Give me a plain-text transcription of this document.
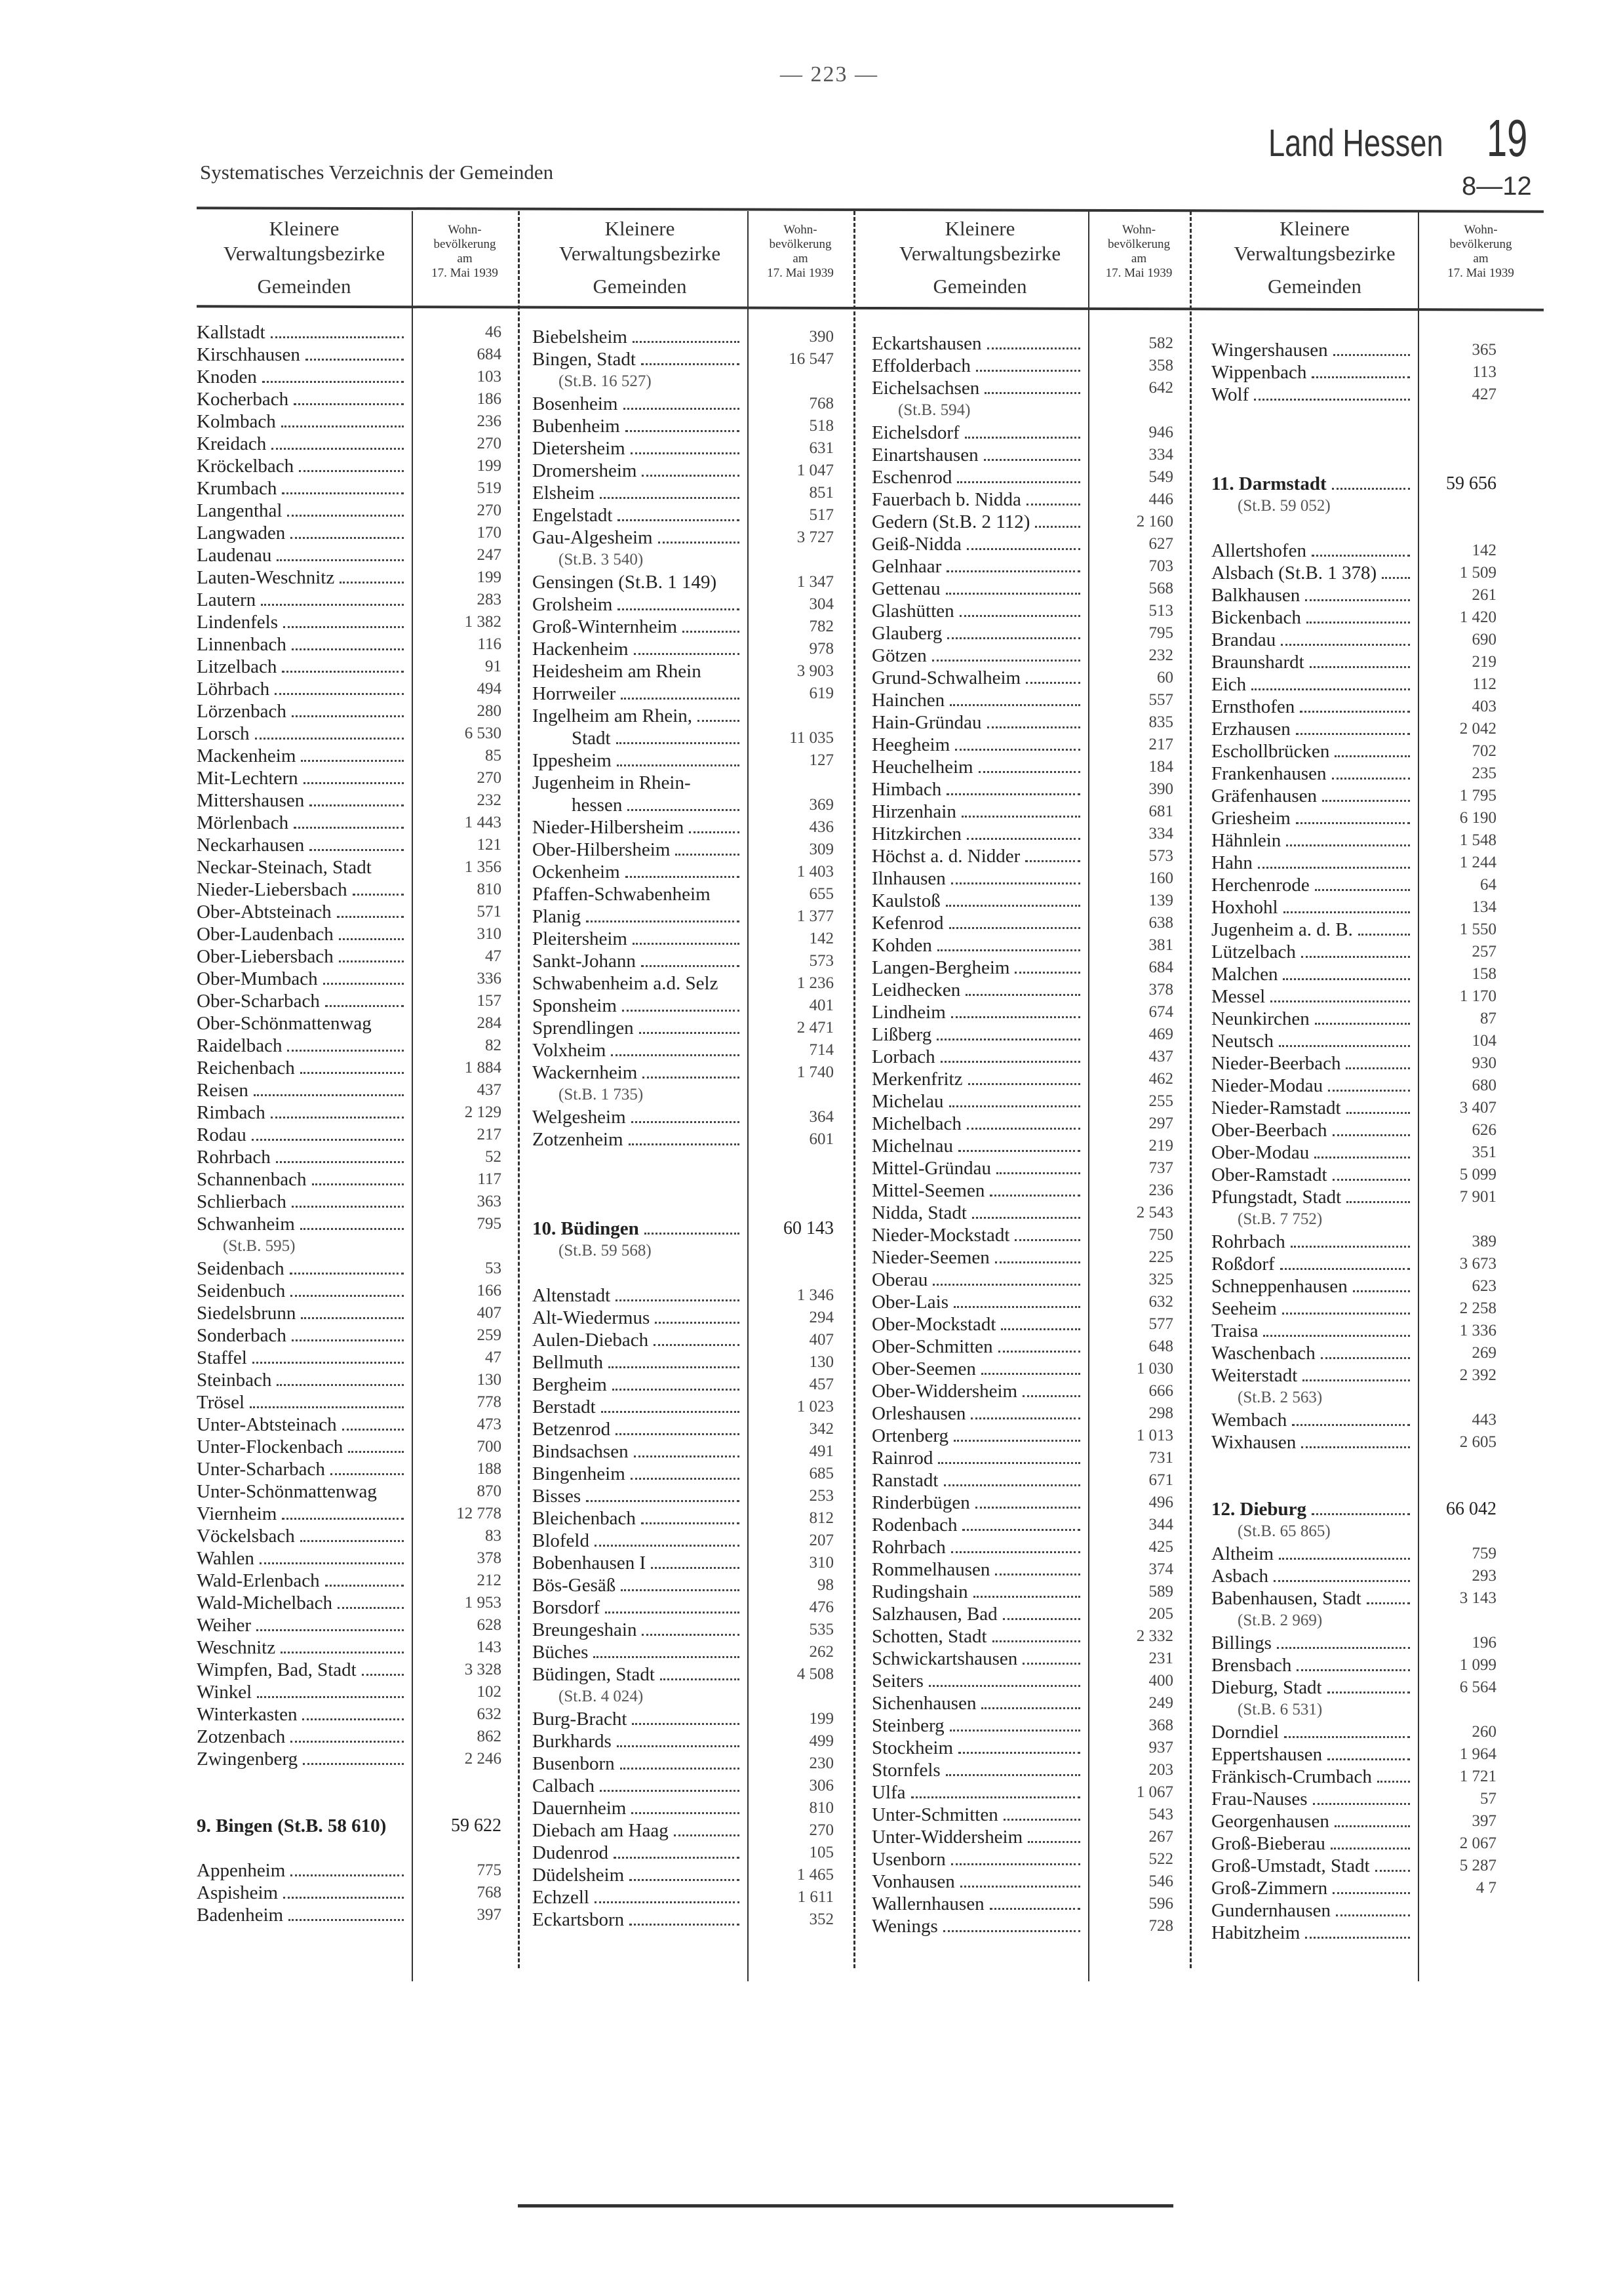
— 223 —
Systematisches Verzeichnis der Gemeinden
Land Hessen 19
8—12
Kleinere
Verwaltungsbezirke
Gemeinden
Wohn-
bevölkerung
am
17. Mai 1939
Kleinere
Verwaltungsbezirke
Gemeinden
Wohn-
bevölkerung
am
17. Mai 1939
Kleinere
Verwaltungsbezirke
Gemeinden
Wohn-
bevölkerung
am
17. Mai 1939
Kleinere
Verwaltungsbezirke
Gemeinden
Wohn-
bevölkerung
am
17. Mai 1939
Kallstadt	46
Kirschhausen	684
Knoden	103
Kocherbach	186
Kolmbach	236
Kreidach	270
Kröckelbach	199
Krumbach	519
Langenthal	270
Langwaden	170
Laudenau	247
Lauten-Weschnitz	199
Lautern	283
Lindenfels	1 382
Linnenbach	116
Litzelbach	91
Löhrbach	494
Lörzenbach	280
Lorsch	6 530
Mackenheim	85
Mit-Lechtern	270
Mittershausen	232
Mörlenbach	1 443
Neckarhausen	121
Neckar-Steinach, Stadt	1 356
Nieder-Liebersbach	810
Ober-Abtsteinach	571
Ober-Laudenbach	310
Ober-Liebersbach	47
Ober-Mumbach	336
Ober-Scharbach	157
Ober-Schönmattenwag	284
Raidelbach	82
Reichenbach	1 884
Reisen	437
Rimbach	2 129
Rodau	217
Rohrbach	52
Schannenbach	117
Schlierbach	363
Schwanheim	795
(St.B. 595)
Seidenbach	53
Seidenbuch	166
Siedelsbrunn	407
Sonderbach	259
Staffel	47
Steinbach	130
Trösel	778
Unter-Abtsteinach	473
Unter-Flockenbach	700
Unter-Scharbach	188
Unter-Schönmattenwag	870
Viernheim	12 778
Vöckelsbach	83
Wahlen	378
Wald-Erlenbach	212
Wald-Michelbach	1 953
Weiher	628
Weschnitz	143
Wimpfen, Bad, Stadt	3 328
Winkel	102
Winterkasten	632
Zotzenbach	862
Zwingenberg	2 246
9. Bingen (St.B. 58 610)	59 622
Appenheim	775
Aspisheim	768
Badenheim	397
Biebelsheim	390
Bingen, Stadt	16 547
(St.B. 16 527)
Bosenheim	768
Bubenheim	518
Dietersheim	631
Dromersheim	1 047
Elsheim	851
Engelstadt	517
Gau-Algesheim	3 727
(St.B. 3 540)
Gensingen (St.B. 1 149)	1 347
Grolsheim	304
Groß-Winternheim	782
Hackenheim	978
Heidesheim am Rhein	3 903
Horrweiler	619
Ingelheim am Rhein,
Stadt	11 035
Ippesheim	127
Jugenheim in Rhein-
hessen	369
Nieder-Hilbersheim	436
Ober-Hilbersheim	309
Ockenheim	1 403
Pfaffen-Schwabenheim	655
Planig	1 377
Pleitersheim	142
Sankt-Johann	573
Schwabenheim a.d. Selz	1 236
Sponsheim	401
Sprendlingen	2 471
Volxheim	714
Wackernheim	1 740
(St.B. 1 735)
Welgesheim	364
Zotzenheim	601
10. Büdingen	60 143
(St.B. 59 568)
Altenstadt	1 346
Alt-Wiedermus	294
Aulen-Diebach	407
Bellmuth	130
Bergheim	457
Berstadt	1 023
Betzenrod	342
Bindsachsen	491
Bingenheim	685
Bisses	253
Bleichenbach	812
Blofeld	207
Bobenhausen I	310
Bös-Gesäß	98
Borsdorf	476
Breungeshain	535
Büches	262
Büdingen, Stadt	4 508
(St.B. 4 024)
Burg-Bracht	199
Burkhards	499
Busenborn	230
Calbach	306
Dauernheim	810
Diebach am Haag	270
Dudenrod	105
Düdelsheim	1 465
Echzell	1 611
Eckartsborn	352
Eckartshausen	582
Effolderbach	358
Eichelsachsen	642
(St.B. 594)
Eichelsdorf	946
Einartshausen	334
Eschenrod	549
Fauerbach b. Nidda	446
Gedern (St.B. 2 112)	2 160
Geiß-Nidda	627
Gelnhaar	703
Gettenau	568
Glashütten	513
Glauberg	795
Götzen	232
Grund-Schwalheim	60
Hainchen	557
Hain-Gründau	835
Heegheim	217
Heuchelheim	184
Himbach	390
Hirzenhain	681
Hitzkirchen	334
Höchst a. d. Nidder	573
Ilnhausen	160
Kaulstoß	139
Kefenrod	638
Kohden	381
Langen-Bergheim	684
Leidhecken	378
Lindheim	674
Lißberg	469
Lorbach	437
Merkenfritz	462
Michelau	255
Michelbach	297
Michelnau	219
Mittel-Gründau	737
Mittel-Seemen	236
Nidda, Stadt	2 543
Nieder-Mockstadt	750
Nieder-Seemen	225
Oberau	325
Ober-Lais	632
Ober-Mockstadt	577
Ober-Schmitten	648
Ober-Seemen	1 030
Ober-Widdersheim	666
Orleshausen	298
Ortenberg	1 013
Rainrod	731
Ranstadt	671
Rinderbügen	496
Rodenbach	344
Rohrbach	425
Rommelhausen	374
Rudingshain	589
Salzhausen, Bad	205
Schotten, Stadt	2 332
Schwickartshausen	231
Seiters	400
Sichenhausen	249
Steinberg	368
Stockheim	937
Stornfels	203
Ulfa	1 067
Unter-Schmitten	543
Unter-Widdersheim	267
Usenborn	522
Vonhausen	546
Wallernhausen	596
Wenings	728
Wingershausen	365
Wippenbach	113
Wolf	427
11. Darmstadt	59 656
(St.B. 59 052)
Allertshofen	142
Alsbach (St.B. 1 378)	1 509
Balkhausen	261
Bickenbach	1 420
Brandau	690
Braunshardt	219
Eich	112
Ernsthofen	403
Erzhausen	2 042
Eschollbrücken	702
Frankenhausen	235
Gräfenhausen	1 795
Griesheim	6 190
Hähnlein	1 548
Hahn	1 244
Herchenrode	64
Hoxhohl	134
Jugenheim a. d. B.	1 550
Lützelbach	257
Malchen	158
Messel	1 170
Neunkirchen	87
Neutsch	104
Nieder-Beerbach	930
Nieder-Modau	680
Nieder-Ramstadt	3 407
Ober-Beerbach	626
Ober-Modau	351
Ober-Ramstadt	5 099
Pfungstadt, Stadt	7 901
(St.B. 7 752)
Rohrbach	389
Roßdorf	3 673
Schneppenhausen	623
Seeheim	2 258
Traisa	1 336
Waschenbach	269
Weiterstadt	2 392
(St.B. 2 563)
Wembach	443
Wixhausen	2 605
12. Dieburg	66 042
(St.B. 65 865)
Altheim	759
Asbach	293
Babenhausen, Stadt	3 143
(St.B. 2 969)
Billings	196
Brensbach	1 099
Dieburg, Stadt	6 564
(St.B. 6 531)
Dorndiel	260
Eppertshausen	1 964
Fränkisch-Crumbach	1 721
Frau-Nauses	57
Georgenhausen	397
Groß-Bieberau	2 067
Groß-Umstadt, Stadt	5 287
Groß-Zimmern	4 7
Gundernhausen
Habitzheim
